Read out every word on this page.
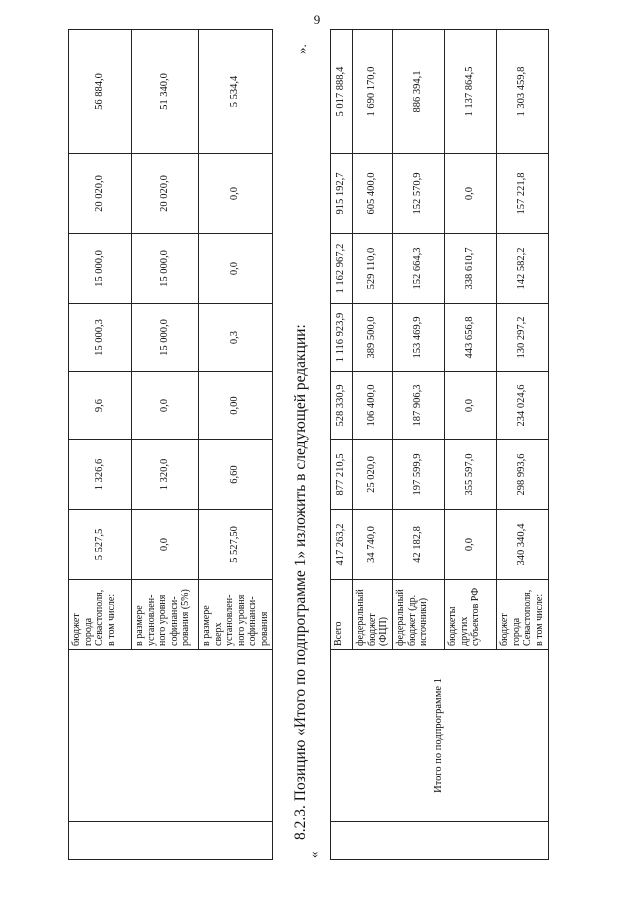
9
		бюджет города Севастополя, в том числе:	5 527,5	1 326,6	9,6	15 000,3	15 000,0	20 020,0	56 884,0
		в размере установлен-ного уровня софинанси-рования (5%)	0,0	1 320,0	0,0	15 000,0	15 000,0	20 020,0	51 340,0
		в размере сверх установлен-ного уровня софинанси-рования	5 527,50	6,60	0,00	0,3	0,0	0,0	5 534,4
».
8.2.3. Позицию «Итого по подпрограмме 1» изложить в следующей редакции:
«
	Итого по подпрограмме 1	Всего	417 263,2	877 210,5	528 330,9	1 116 923,9	1 162 967,2	915 192,7	5 017 888,4
		федеральный бюджет (ФЦП)	34 740,0	25 020,0	106 400,0	389 500,0	529 110,0	605 400,0	1 690 170,0
		федеральный бюджет (др. источники)	42 182,8	197 599,9	187 906,3	153 469,9	152 664,3	152 570,9	886 394,1
		бюджеты других субъектов РФ	0,0	355 597,0	0,0	443 656,8	338 610,7	0,0	1 137 864,5
		бюджет города Севастополя, в том числе:	340 340,4	298 993,6	234 024,6	130 297,2	142 582,2	157 221,8	1 303 459,8
